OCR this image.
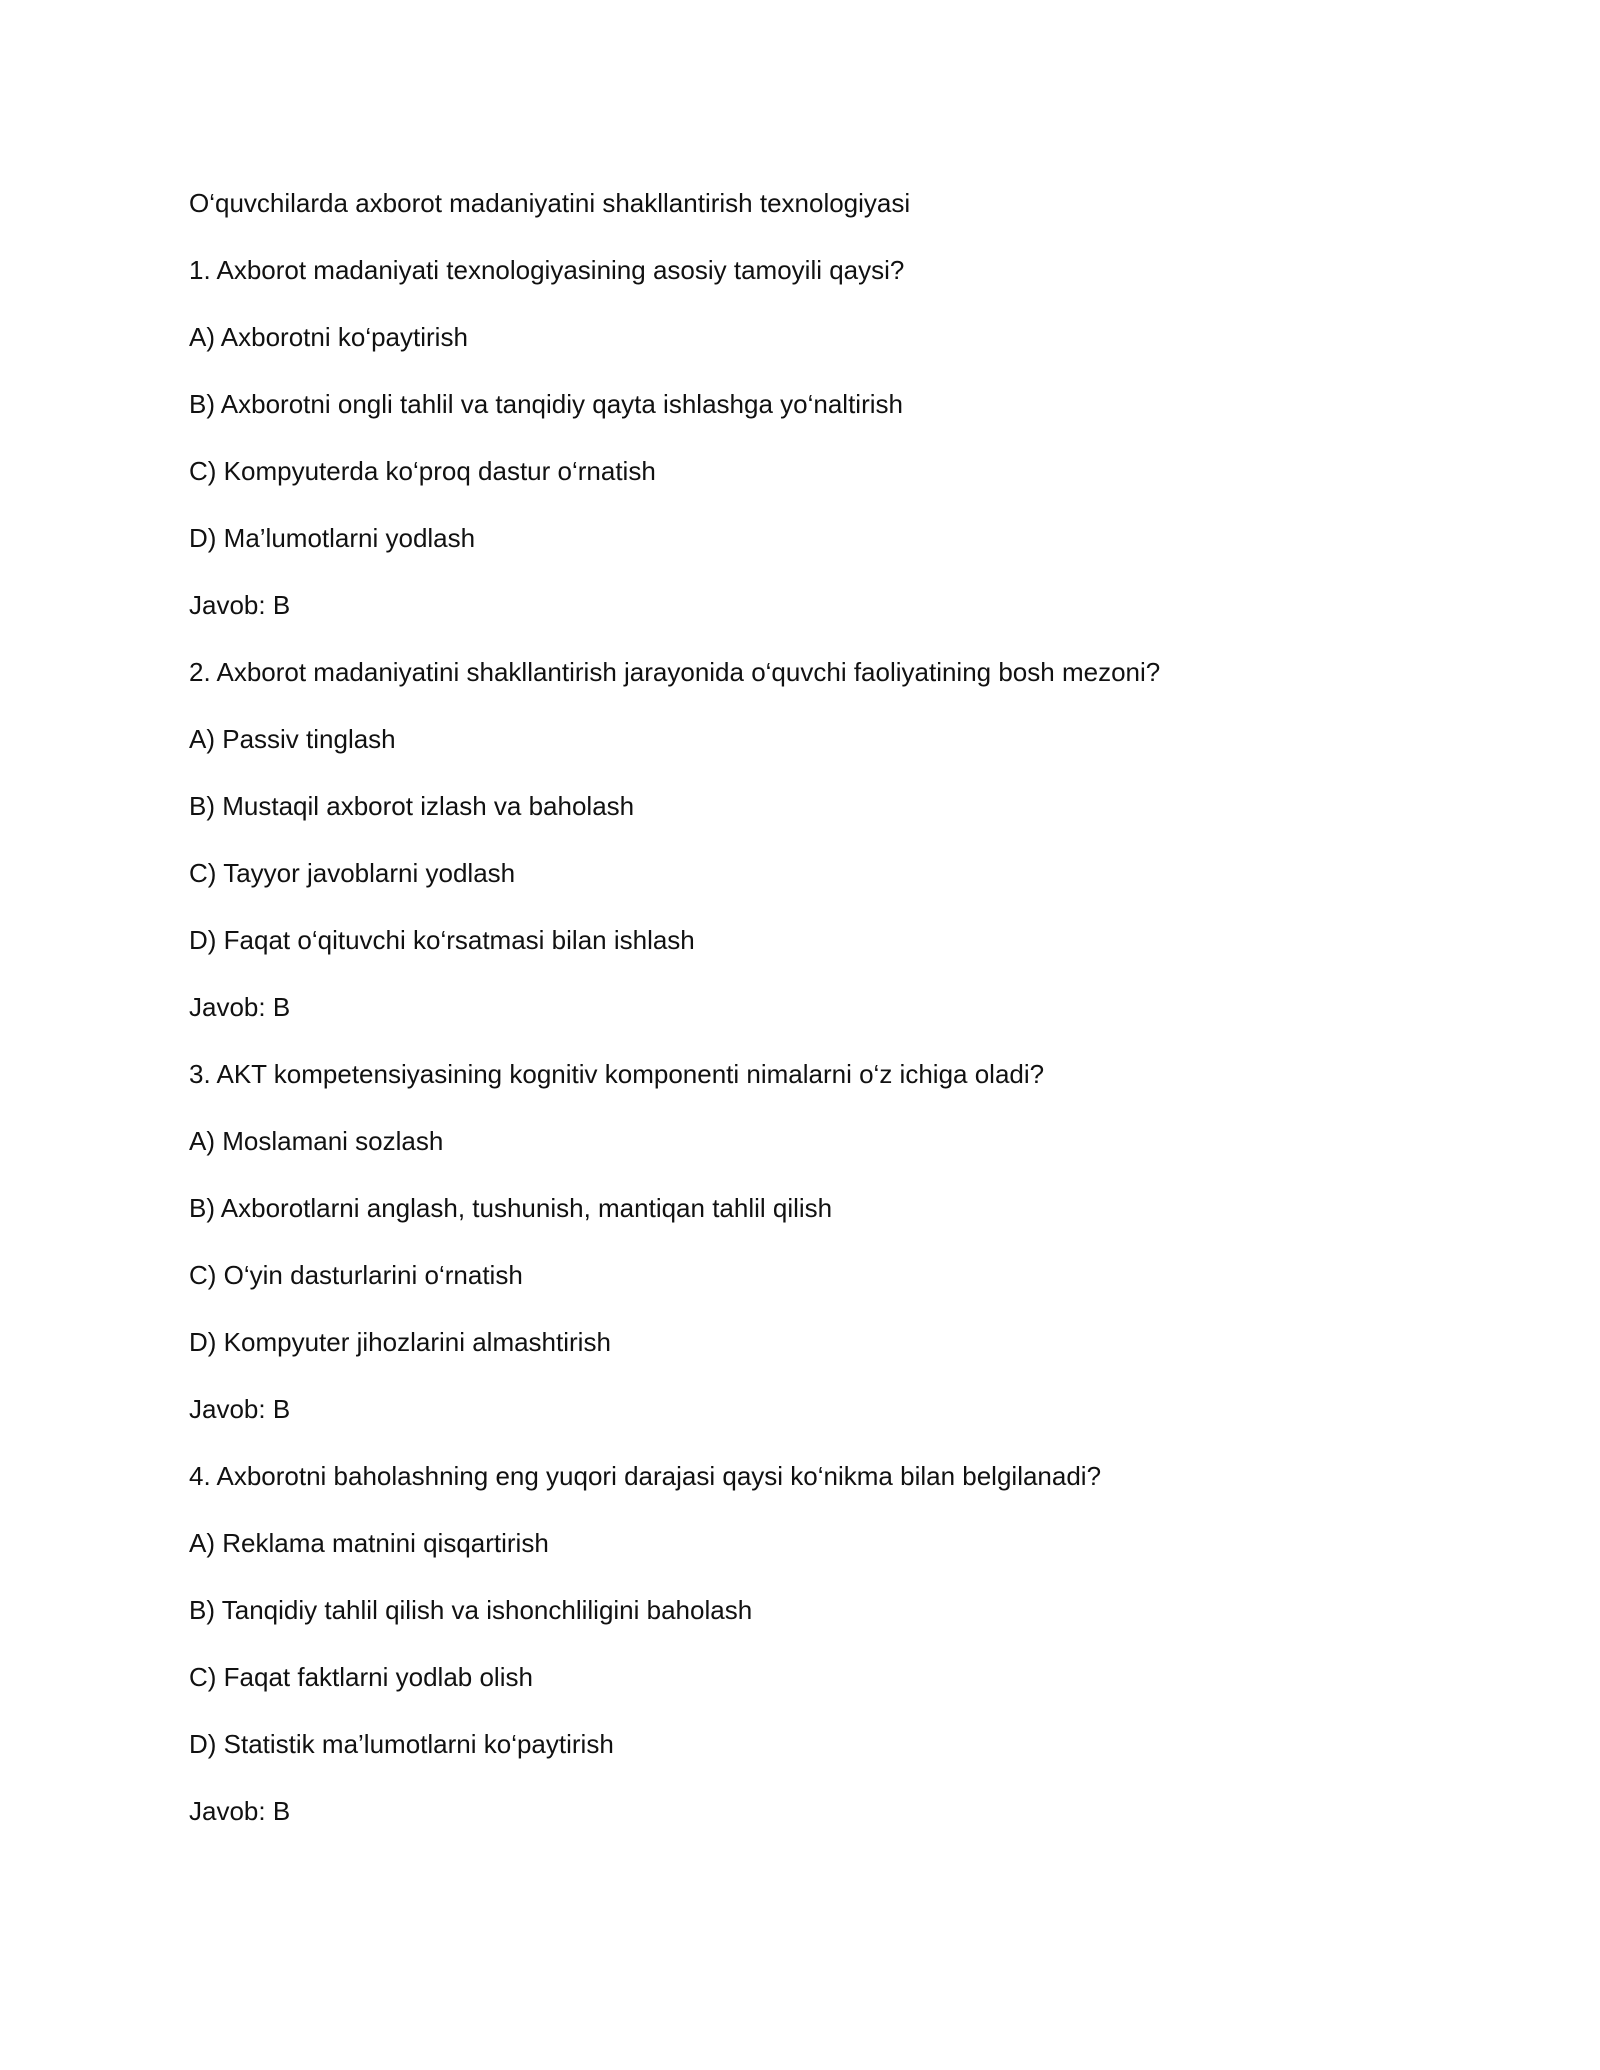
O‘quvchilarda axborot madaniyatini shakllantirish texnologiyasi
1. Axborot madaniyati texnologiyasining asosiy tamoyili qaysi?
A) Axborotni ko‘paytirish
B) Axborotni ongli tahlil va tanqidiy qayta ishlashga yo‘naltirish
C) Kompyuterda ko‘proq dastur o‘rnatish
D) Ma’lumotlarni yodlash
Javob: B
2. Axborot madaniyatini shakllantirish jarayonida o‘quvchi faoliyatining bosh mezoni?
A) Passiv tinglash
B) Mustaqil axborot izlash va baholash
C) Tayyor javoblarni yodlash
D) Faqat o‘qituvchi ko‘rsatmasi bilan ishlash
Javob: B
3. AKT kompetensiyasining kognitiv komponenti nimalarni o‘z ichiga oladi?
A) Moslamani sozlash
B) Axborotlarni anglash, tushunish, mantiqan tahlil qilish
C) O‘yin dasturlarini o‘rnatish
D) Kompyuter jihozlarini almashtirish
Javob: B
4. Axborotni baholashning eng yuqori darajasi qaysi ko‘nikma bilan belgilanadi?
A) Reklama matnini qisqartirish
B) Tanqidiy tahlil qilish va ishonchliligini baholash
C) Faqat faktlarni yodlab olish
D) Statistik ma’lumotlarni ko‘paytirish
Javob: B
